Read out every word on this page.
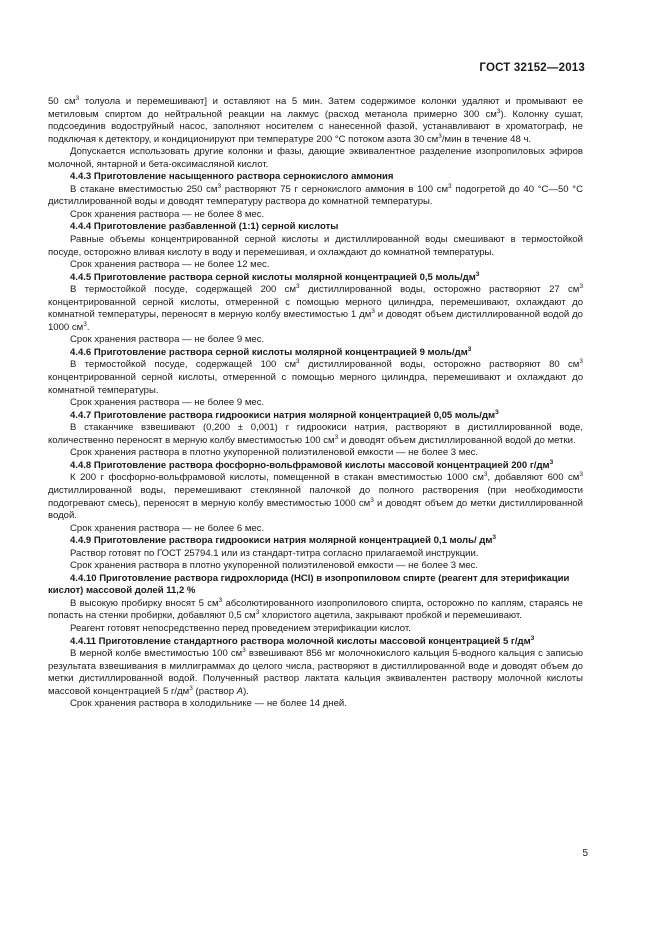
ГОСТ 32152—2013

50 $см^3$ толуола и перемешивают] и оставляют на 5 мин. Затем содержимое колонки удаляют и промывают ее метиловым спиртом до нейтральной реакции на лакмус (расход метанола примерно 300 $см^3$). Колонку сушат, подсоединив водоструйный насос, заполняют носителем с нанесенной фазой, устанавливают в хроматограф, не подключая к детектору, и кондиционируют при температуре 200 °С потоком азота 30 $см^3$/мин в течение 48 ч.

Допускается использовать другие колонки и фазы, дающие эквивалентное разделение изопропиловых эфиров молочной, янтарной и бета-оксимасляной кислот.

4.4.3 Приготовление насыщенного раствора сернокислого аммония

В стакане вместимостью 250 $см^3$ растворяют 75 г сернокислого аммония в 100 $см^3$ подогретой до 40 °С—50 °С дистиллированной воды и доводят температуру раствора до комнатной температуры.

Срок хранения раствора — не более 8 мес.

4.4.4 Приготовление разбавленной (1:1) серной кислоты

Равные объемы концентрированной серной кислоты и дистиллированной воды смешивают в термостойкой посуде, осторожно вливая кислоту в воду и перемешивая, и охлаждают до комнатной температуры.

Срок хранения раствора — не более 12 мес.

4.4.5 Приготовление раствора серной кислоты молярной концентрацией 0,5 моль/$дм^3$

В термостойкой посуде, содержащей 200 $см^3$ дистиллированной воды, осторожно растворяют 27 $см^3$ концентрированной серной кислоты, отмеренной с помощью мерного цилиндра, перемешивают, охлаждают до комнатной температуры, переносят в мерную колбу вместимостью 1 $дм^3$ и доводят объем дистиллированной водой до 1000 $см^3$.

Срок хранения раствора — не более 9 мес.

4.4.6 Приготовление раствора серной кислоты молярной концентрацией 9 моль/$дм^3$

В термостойкой посуде, содержащей 100 $см^3$ дистиллированной воды, осторожно растворяют 80 $см^3$ концентрированной серной кислоты, отмеренной с помощью мерного цилиндра, перемешивают и охлаждают до комнатной температуры.

Срок хранения раствора — не более 9 мес.

4.4.7 Приготовление раствора гидроокиси натрия молярной концентрацией 0,05 моль/$дм^3$

В стаканчике взвешивают (0,200 ± 0,001) г гидроокиси натрия, растворяют в дистиллированной воде, количественно переносят в мерную колбу вместимостью 100 $см^3$ и доводят объем дистиллированной водой до метки.

Срок хранения раствора в плотно укупоренной полиэтиленовой емкости — не более 3 мес.

4.4.8 Приготовление раствора фосфорно-вольфрамовой кислоты массовой концентрацией 200 $г/дм^3$

К 200 г фосфорно-вольфрамовой кислоты, помещенной в стакан вместимостью 1000 $см^3$, добавляют 600 $см^3$ дистиллированной воды, перемешивают стеклянной палочкой до полного растворения (при необходимости подогревают смесь), переносят в мерную колбу вместимостью 1000 $см^3$ и доводят объем до метки дистиллированной водой.

Срок хранения раствора — не более 6 мес.

4.4.9 Приготовление раствора гидроокиси натрия молярной концентрацией 0,1 моль/ $дм^3$

Раствор готовят по ГОСТ 25794.1 или из стандарт-титра согласно прилагаемой инструкции.

Срок хранения раствора в плотно укупоренной полиэтиленовой емкости — не более 3 мес.

4.4.10 Приготовление раствора гидрохлорида (HCl) в изопропиловом спирте (реагент для этерификации кислот) массовой долей 11,2 %

В высокую пробирку вносят 5 $см^3$ абсолютированного изопропилового спирта, осторожно по каплям, стараясь не попасть на стенки пробирки, добавляют 0,5 $см^3$ хлористого ацетила, закрывают пробкой и перемешивают.

Реагент готовят непосредственно перед проведением этерификации кислот.

4.4.11 Приготовление стандартного раствора молочной кислоты массовой концентрацией 5 $г/дм^3$

В мерной колбе вместимостью 100 $см^3$ взвешивают 856 мг молочнокислого кальция 5-водного кальция с записью результата взвешивания в миллиграммах до целого числа, растворяют в дистиллированной воде и доводят объем до метки дистиллированной водой. Полученный раствор лактата кальция эквивалентен раствору молочной кислоты массовой концентрацией 5 $г/дм^3$ (раствор А).

Срок хранения раствора в холодильнике — не более 14 дней.

5
